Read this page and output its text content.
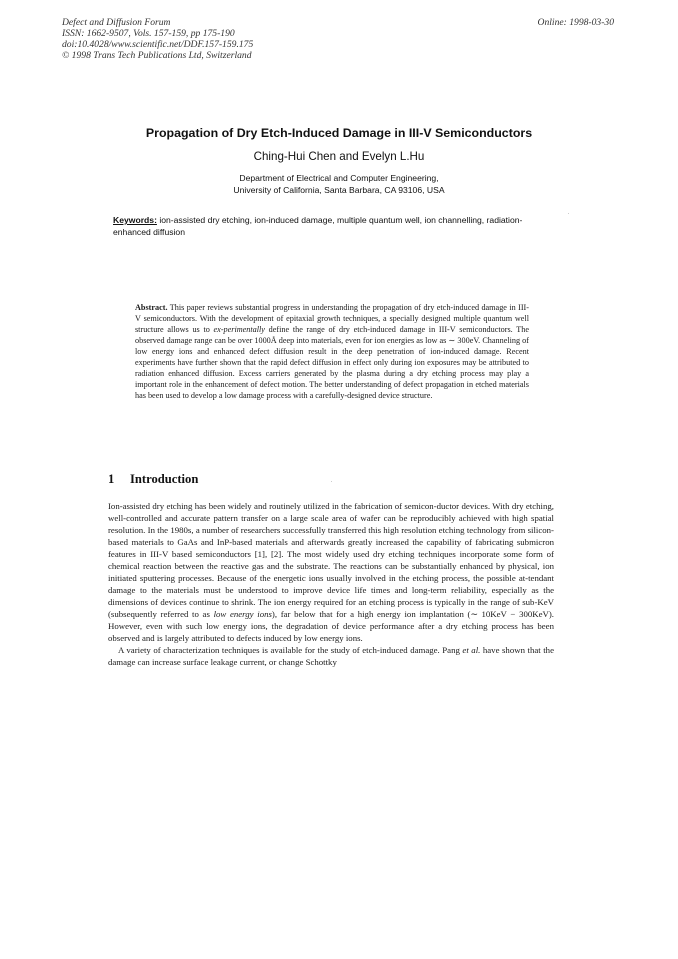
Defect and Diffusion Forum
ISSN: 1662-9507, Vols. 157-159, pp 175-190
doi:10.4028/www.scientific.net/DDF.157-159.175
© 1998 Trans Tech Publications Ltd, Switzerland
Online: 1998-03-30
Propagation of Dry Etch-Induced Damage in III-V Semiconductors
Ching-Hui Chen and Evelyn L.Hu
Department of Electrical and Computer Engineering,
University of California, Santa Barbara, CA 93106, USA
Keywords: ion-assisted dry etching, ion-induced damage, multiple quantum well, ion channelling, radiation-enhanced diffusion
Abstract. This paper reviews substantial progress in understanding the propagation of dry etch-induced damage in III-V semiconductors. With the development of epitaxial growth techniques, a specially designed multiple quantum well structure allows us to ex-perimentally define the range of dry etch-induced damage in III-V semiconductors. The observed damage range can be over 1000Å deep into materials, even for ion energies as low as ∼ 300eV. Channeling of low energy ions and enhanced defect diffusion result in the deep penetration of ion-induced damage. Recent experiments have further shown that the rapid defect diffusion in effect only during ion exposures may be attributed to radiation enhanced diffusion. Excess carriers generated by the plasma during a dry etching process may play a important role in the enhancement of defect motion. The better understanding of defect propagation in etched materials has been used to develop a low damage process with a carefully-designed device structure.
1 Introduction

Ion-assisted dry etching has been widely and routinely utilized in the fabrication of semicon-ductor devices. With dry etching, well-controlled and accurate pattern transfer on a large scale area of wafer can be reproducibly achieved with high spatial resolution. In the 1980s, a number of researchers successfully transferred this high resolution etching technology from silicon-based materials to GaAs and InP-based materials and afterwards greatly increased the capability of fabricating submicron features in III-V based semiconductors [1], [2]. The most widely used dry etching techniques incorporate some form of chemical reaction between the reactive gas and the substrate. The reactions can be substantially enhanced by physical, ion initiated sputtering processes. Because of the energetic ions usually involved in the etching process, the possible at-tendant damage to the materials must be understood to improve device life times and long-term reliability, especially as the dimensions of devices continue to shrink. The ion energy required for an etching process is typically in the range of sub-KeV (subsequently referred to as low energy ions), far below that for a high energy ion implantation (∼ 10KeV − 300KeV). However, even with such low energy ions, the degradation of device performance after a dry etching process has been observed and is largely attributed to defects induced by low energy ions.

A variety of characterization techniques is available for the study of etch-induced damage. Pang et al. have shown that the damage can increase surface leakage current, or change Schottky
